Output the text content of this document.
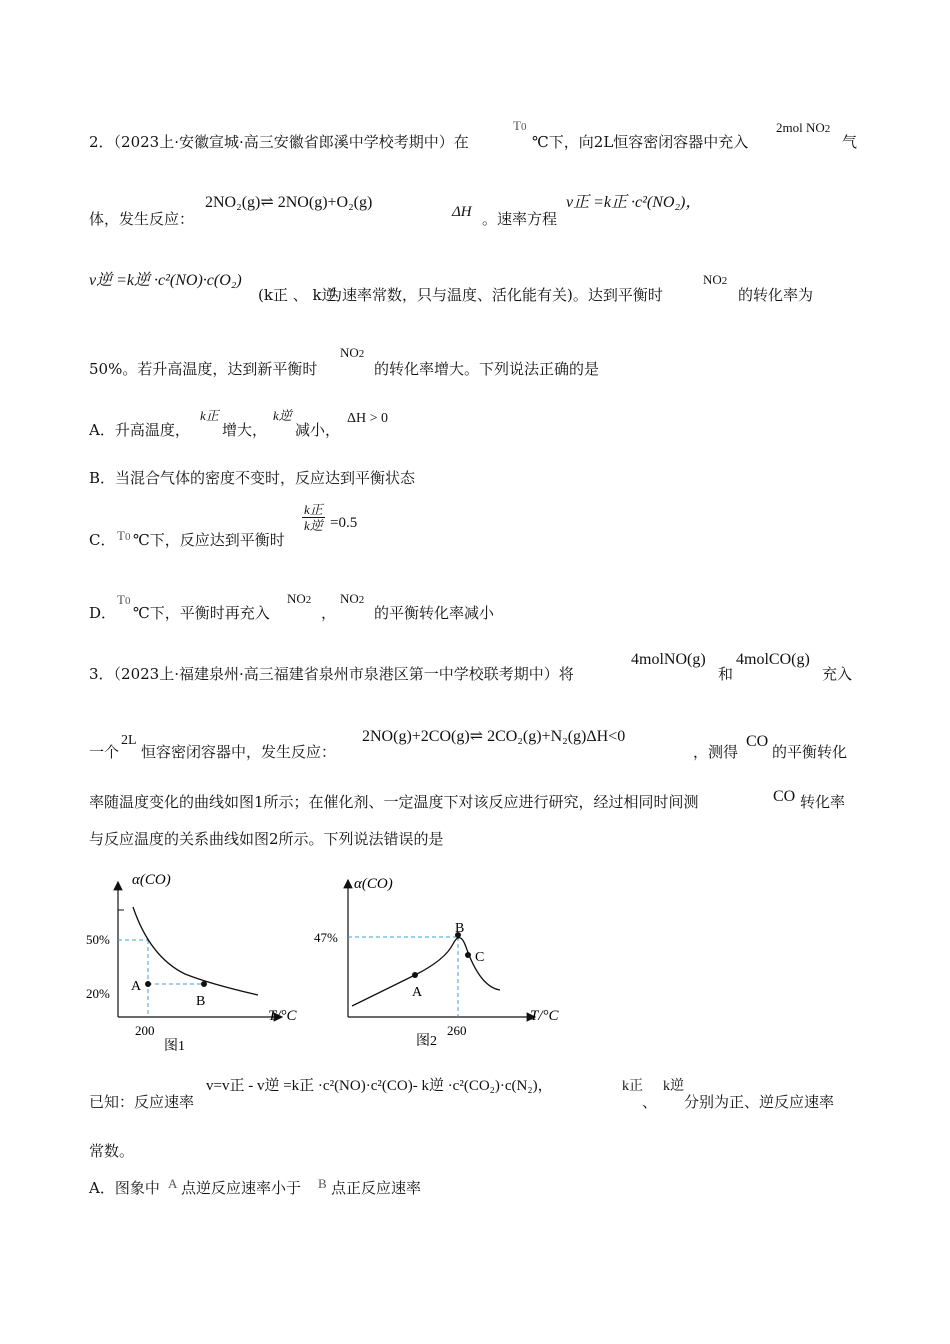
2．（2023上·安徽宣城·高三安徽省郎溪中学校考期中）在
T0
℃下，向2L恒容密闭容器中充入
2mol NO2
气
体，发生反应：
2NO₂(g)⇌ 2NO(g)+O₂(g)
ΔH 。速率方程
v正 =k正 ·c²(NO₂)，
v逆 =k逆 ·c²(NO)·c(O₂)
(k正 、 k逆
为速率常数，只与温度、活化能有关)。达到平衡时
NO2
的转化率为
50%。若升高温度，达到新平衡时
NO2
的转化率增大。下列说法正确的是
A．升高温度，
k正
增大，
k逆
减小，
ΔH > 0
B．当混合气体的密度不变时，反应达到平衡状态
C． T0 ℃下，反应达到平衡时
$\frac{\text{k正}}{\text{k逆}} =0.5$
D．
T0
℃下，平衡时再充入
NO2
，
NO2
的平衡转化率减小
3．（2023上·福建泉州·高三福建省泉州市泉港区第一中学校联考期中）将
4molNO(g)
和
4molCO(g)
充入
一个
2L
恒容密闭容器中，发生反应：
2NO(g)+2CO(g)⇌ 2CO₂(g)+N₂(g)ΔH<0
，测得
CO
的平衡转化
率随温度变化的曲线如图1所示；在催化剂、一定温度下对该反应进行研究，经过相同时间测	CO 转化率
与反应温度的关系曲线如图2所示。下列说法错误的是
α(CO)
T/°C
50%
20%
200
A
B
图1
α(CO)
T/°C
47%
260
A
B
C
图2
已知：反应速率
v=v正 - v逆 =k正 ·c²(NO)·c²(CO)- k逆 ·c²(CO₂)·c(N₂)，	k正
、
k逆
分别为正、逆反应速率
常数。
A．图象中 A 点逆反应速率小于 B 点正反应速率
